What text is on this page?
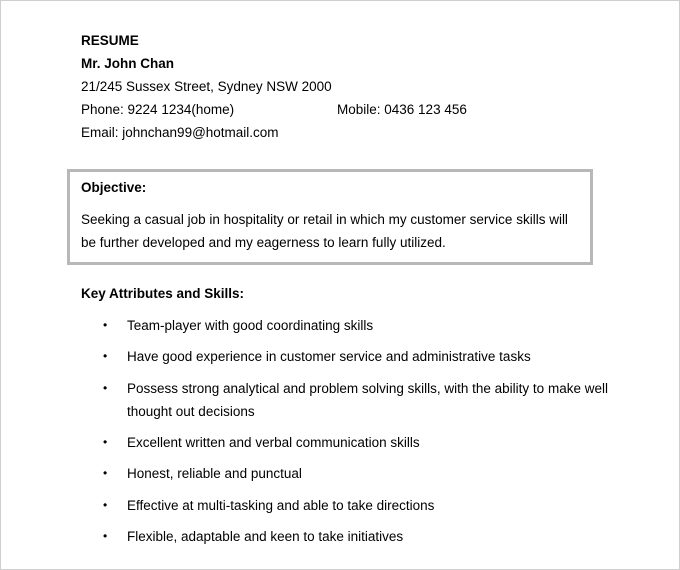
RESUME
Mr. John Chan
21/245 Sussex Street, Sydney NSW 2000
Phone: 9224 1234(home)	Mobile: 0436 123 456
Email: johnchan99@hotmail.com
Objective:
Seeking a casual job in hospitality or retail in which my customer service skills will be further developed and my eagerness to learn fully utilized.
Key Attributes and Skills:
• Team-player with good coordinating skills
• Have good experience in customer service and administrative tasks
• Possess strong analytical and problem solving skills, with the ability to make well thought out decisions
• Excellent written and verbal communication skills
• Honest, reliable and punctual
• Effective at multi-tasking and able to take directions
• Flexible, adaptable and keen to take initiatives
